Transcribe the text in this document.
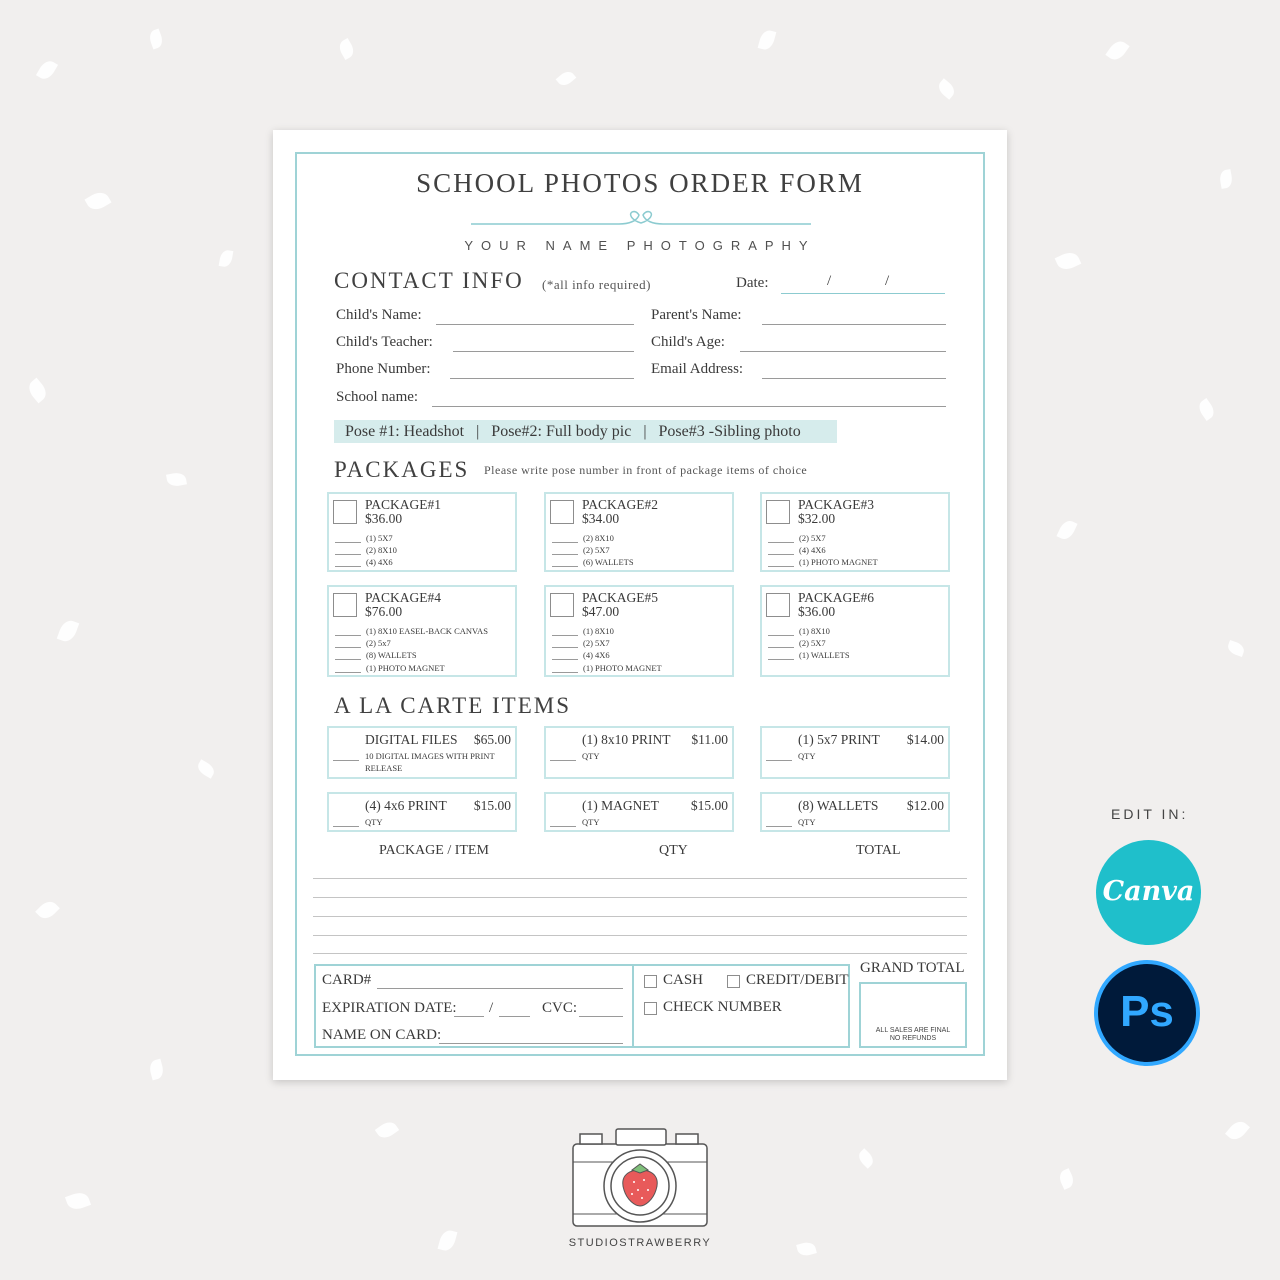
SCHOOL PHOTOS ORDER FORM
YOUR NAME PHOTOGRAPHY
CONTACT INFO (*all info required)	Date:	/	/
Child's Name:	Parent's Name:
Child's Teacher:	Child's Age:
Phone Number:	Email Address:
School name:
Pose #1: Headshot   |   Pose#2: Full body pic   |   Pose#3 -Sibling photo
PACKAGES Please write pose number in front of package items of choice
PACKAGE#1
$36.00
(1) 5X7
(2) 8X10
(4) 4X6
PACKAGE#2
$34.00
(2) 8X10
(2) 5X7
(6) WALLETS
PACKAGE#3
$32.00
(2) 5X7
(4) 4X6
(1) PHOTO MAGNET
PACKAGE#4
$76.00
(1) 8X10 EASEL-BACK CANVAS
(2) 5x7
(8) WALLETS
(1) PHOTO MAGNET
PACKAGE#5
$47.00
(1) 8X10
(2) 5X7
(4) 4X6
(1) PHOTO MAGNET
PACKAGE#6
$36.00
(1) 8X10
(2) 5X7
(1) WALLETS
A LA CARTE ITEMS
DIGITAL FILES $65.00
10 DIGITAL IMAGES WITH PRINT RELEASE
(1) 8x10 PRINT $11.00
QTY
(1) 5x7 PRINT $14.00
QTY
(4) 4x6 PRINT $15.00
QTY
(1) MAGNET $15.00
QTY
(8) WALLETS $12.00
QTY
PACKAGE / ITEM	QTY	TOTAL
CARD#
EXPIRATION DATE: /	CVC:
NAME ON CARD:
CASH	CREDIT/DEBIT
CHECK NUMBER
GRAND TOTAL
ALL SALES ARE FINAL
NO REFUNDS
EDIT IN:
Canva
Ps
STUDIOSTRAWBERRY
